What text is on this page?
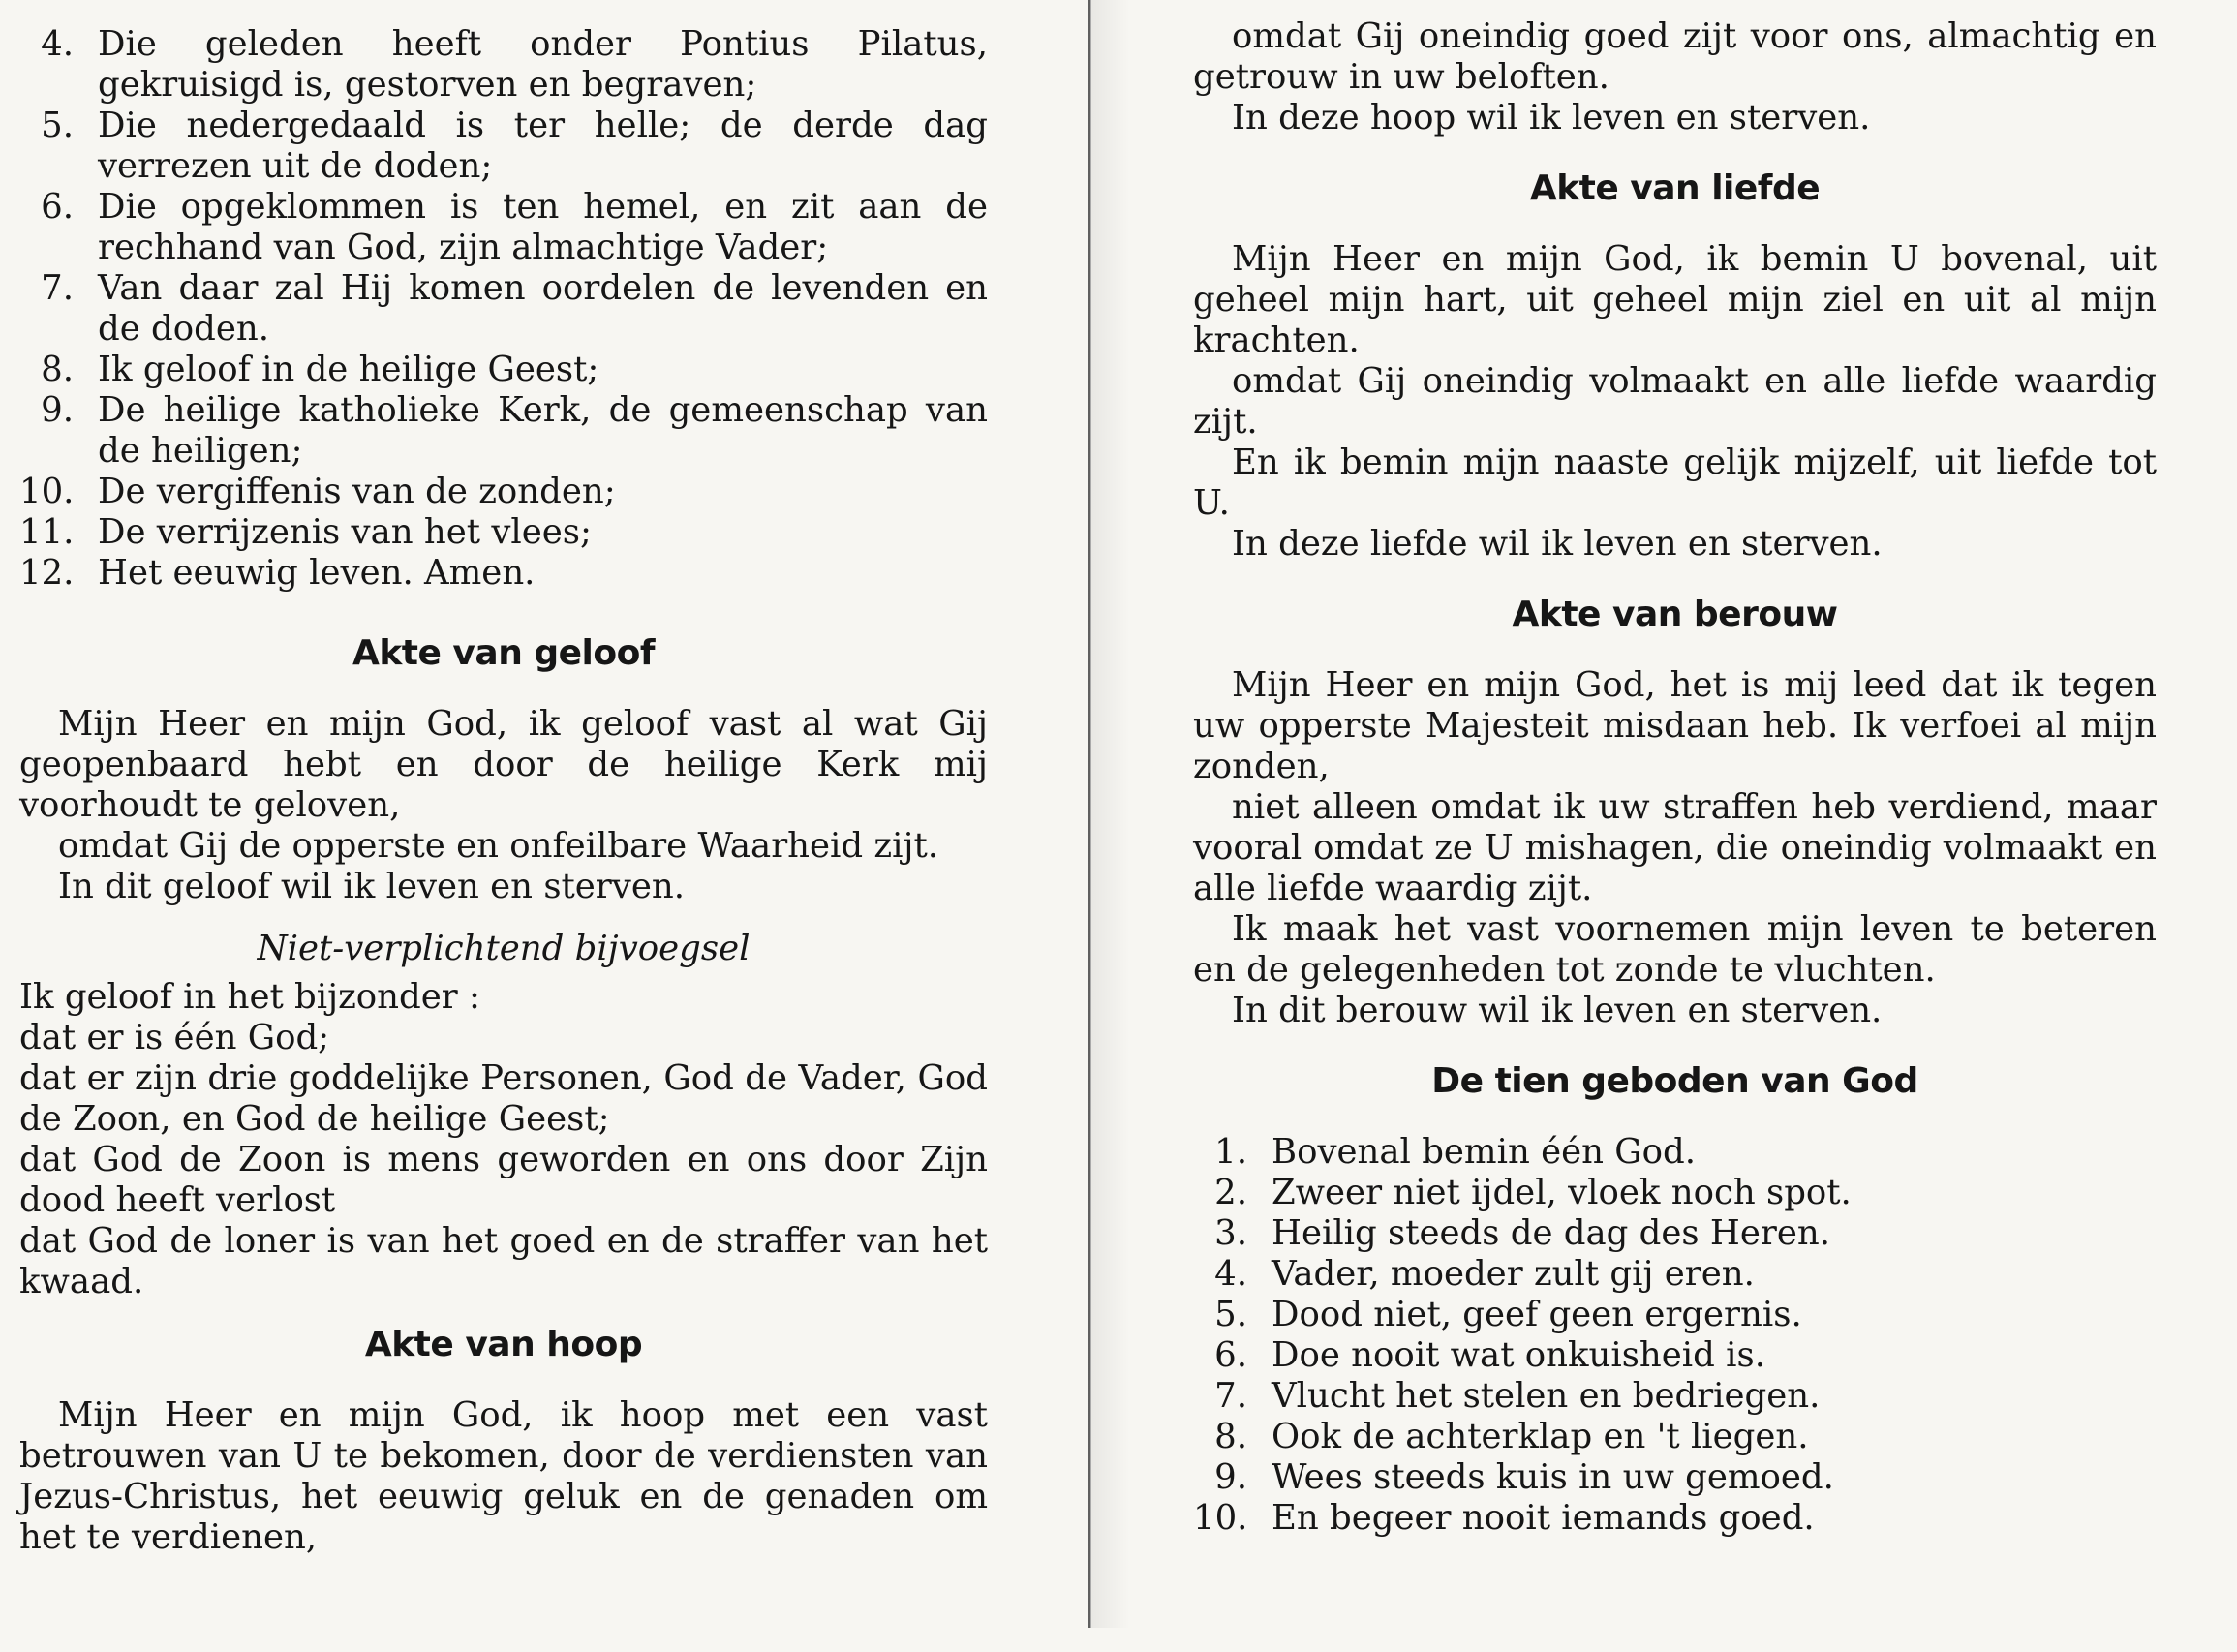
4. Die geleden heeft onder Pontius Pilatus, gekruisigd is, gestorven en begraven;
5. Die nedergedaald is ter helle; de derde dag verrezen uit de doden;
6. Die opgeklommen is ten hemel, en zit aan de rechhand van God, zijn almachtige Vader;
7. Van daar zal Hij komen oordelen de levenden en de doden.
8. Ik geloof in de heilige Geest;
9. De heilige katholieke Kerk, de gemeenschap van de heiligen;
10. De vergiffenis van de zonden;
11. De verrijzenis van het vlees;
12. Het eeuwig leven. Amen.
Akte van geloof

Mijn Heer en mijn God, ik geloof vast al wat Gij geopenbaard hebt en door de heilige Kerk mij voorhoudt te geloven,

omdat Gij de opperste en onfeilbare Waarheid zijt.

In dit geloof wil ik leven en sterven.

Niet-verplichtend bijvoegsel

Ik geloof in het bijzonder :

dat er is één God;

dat er zijn drie goddelijke Personen, God de Vader, God de Zoon, en God de heilige Geest;

dat God de Zoon is mens geworden en ons door Zijn dood heeft verlost

dat God de loner is van het goed en de straffer van het kwaad.

Akte van hoop

Mijn Heer en mijn God, ik hoop met een vast betrouwen van U te bekomen, door de verdiensten van Jezus-Christus, het eeuwig geluk en de genaden om het te verdienen,

omdat Gij oneindig goed zijt voor ons, almachtig en getrouw in uw beloften.

In deze hoop wil ik leven en sterven.

Akte van liefde

Mijn Heer en mijn God, ik bemin U bovenal, uit geheel mijn hart, uit geheel mijn ziel en uit al mijn krachten.

omdat Gij oneindig volmaakt en alle liefde waardig zijt.

En ik bemin mijn naaste gelijk mijzelf, uit liefde tot U.

In deze liefde wil ik leven en sterven.

Akte van berouw

Mijn Heer en mijn God, het is mij leed dat ik tegen uw opperste Majesteit misdaan heb. Ik verfoei al mijn zonden,

niet alleen omdat ik uw straffen heb verdiend, maar vooral omdat ze U mishagen, die oneindig volmaakt en alle liefde waardig zijt.

Ik maak het vast voornemen mijn leven te beteren en de gelegenheden tot zonde te vluchten.

In dit berouw wil ik leven en sterven.

De tien geboden van God
1. Bovenal bemin één God.
2. Zweer niet ijdel, vloek noch spot.
3. Heilig steeds de dag des Heren.
4. Vader, moeder zult gij eren.
5. Dood niet, geef geen ergernis.
6. Doe nooit wat onkuisheid is.
7. Vlucht het stelen en bedriegen.
8. Ook de achterklap en 't liegen.
9. Wees steeds kuis in uw gemoed.
10. En begeer nooit iemands goed.
